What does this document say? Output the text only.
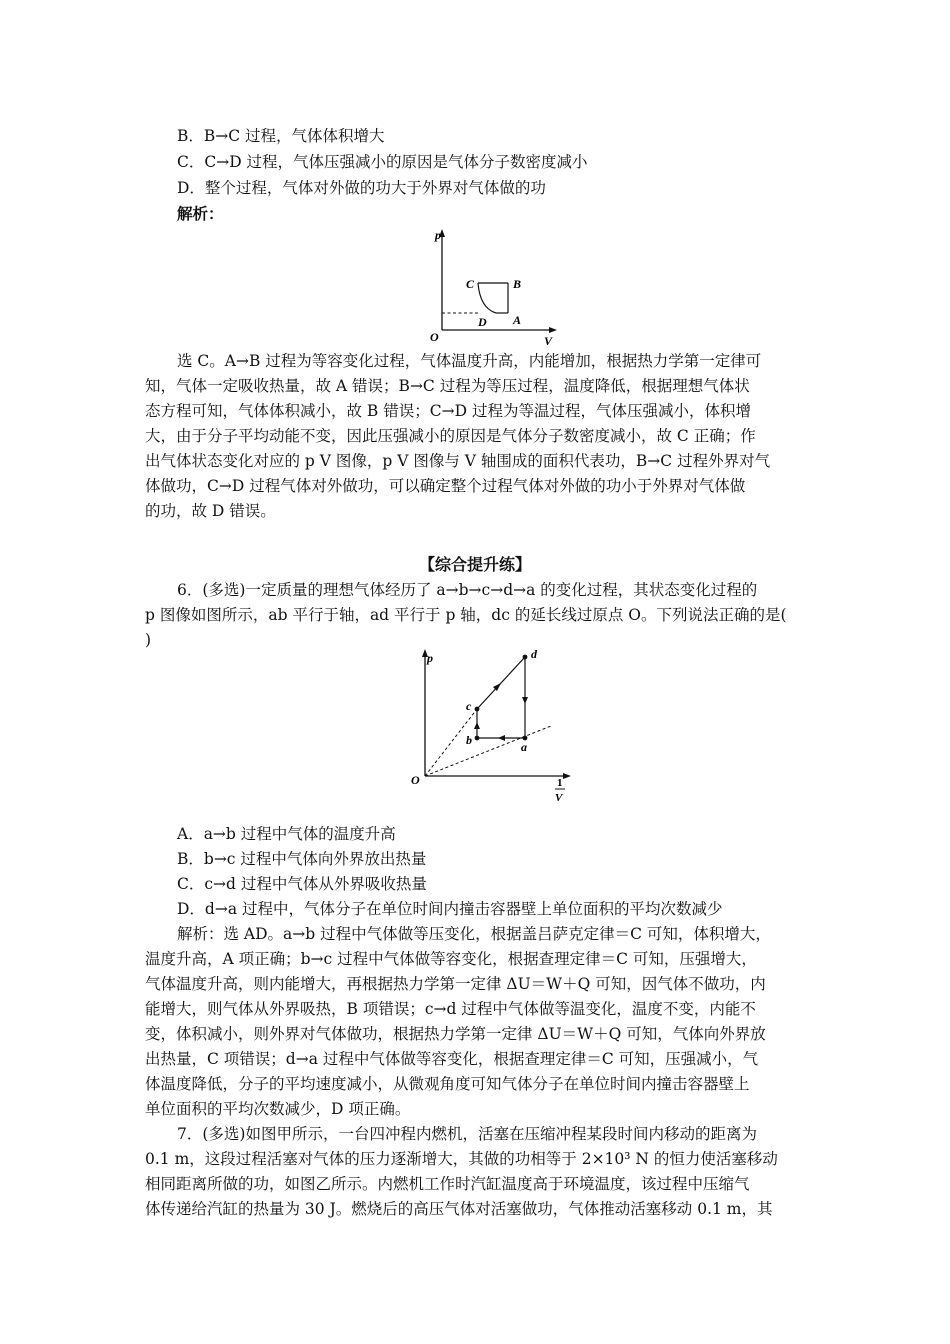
B．B→C 过程，气体体积增大
C．C→D 过程，气体压强减小的原因是气体分子数密度减小
D．整个过程，气体对外做的功大于外界对气体做的功
解析：
p
V
O
C	B
D A
选 C。A→B 过程为等容变化过程，气体温度升高，内能增加，根据热力学第一定律可
知，气体一定吸收热量，故 A 错误；B→C 过程为等压过程，温度降低，根据理想气体状
态方程可知，气体体积减小，故 B 错误；C→D 过程为等温过程，气体压强减小，体积增
大，由于分子平均动能不变，因此压强减小的原因是气体分子数密度减小，故 C 正确；作
出气体状态变化对应的 p V 图像，p V 图像与 V 轴围成的面积代表功，B→C 过程外界对气
体做功，C→D 过程气体对外做功，可以确定整个过程气体对外做的功小于外界对气体做
的功，故 D 错误。
【综合提升练】
6．(多选)一定质量的理想气体经历了 a→b→c→d→a 的变化过程，其状态变化过程的
p 图像如图所示，ab 平行于轴，ad 平行于 p 轴，dc 的延长线过原点 O。下列说法正确的是(
)
p
O
d
c
b	a
1
V
A．a→b 过程中气体的温度升高
B．b→c 过程中气体向外界放出热量
C．c→d 过程中气体从外界吸收热量
D．d→a 过程中，气体分子在单位时间内撞击容器壁上单位面积的平均次数减少
解析：选 AD。a→b 过程中气体做等压变化，根据盖吕萨克定律＝C 可知，体积增大，
温度升高，A 项正确；b→c 过程中气体做等容变化，根据查理定律＝C 可知，压强增大，
气体温度升高，则内能增大，再根据热力学第一定律 ΔU＝W＋Q 可知，因气体不做功，内
能增大，则气体从外界吸热，B 项错误；c→d 过程中气体做等温变化，温度不变，内能不
变，体积减小，则外界对气体做功，根据热力学第一定律 ΔU＝W＋Q 可知，气体向外界放
出热量，C 项错误；d→a 过程中气体做等容变化，根据查理定律＝C 可知，压强减小，气
体温度降低，分子的平均速度减小，从微观角度可知气体分子在单位时间内撞击容器壁上
单位面积的平均次数减少，D 项正确。
7．(多选)如图甲所示，一台四冲程内燃机，活塞在压缩冲程某段时间内移动的距离为
0.1 m，这段过程活塞对气体的压力逐渐增大，其做的功相等于 2×10³ N 的恒力使活塞移动
相同距离所做的功，如图乙所示。内燃机工作时汽缸温度高于环境温度，该过程中压缩气
体传递给汽缸的热量为 30 J。燃烧后的高压气体对活塞做功，气体推动活塞移动 0.1 m，其
